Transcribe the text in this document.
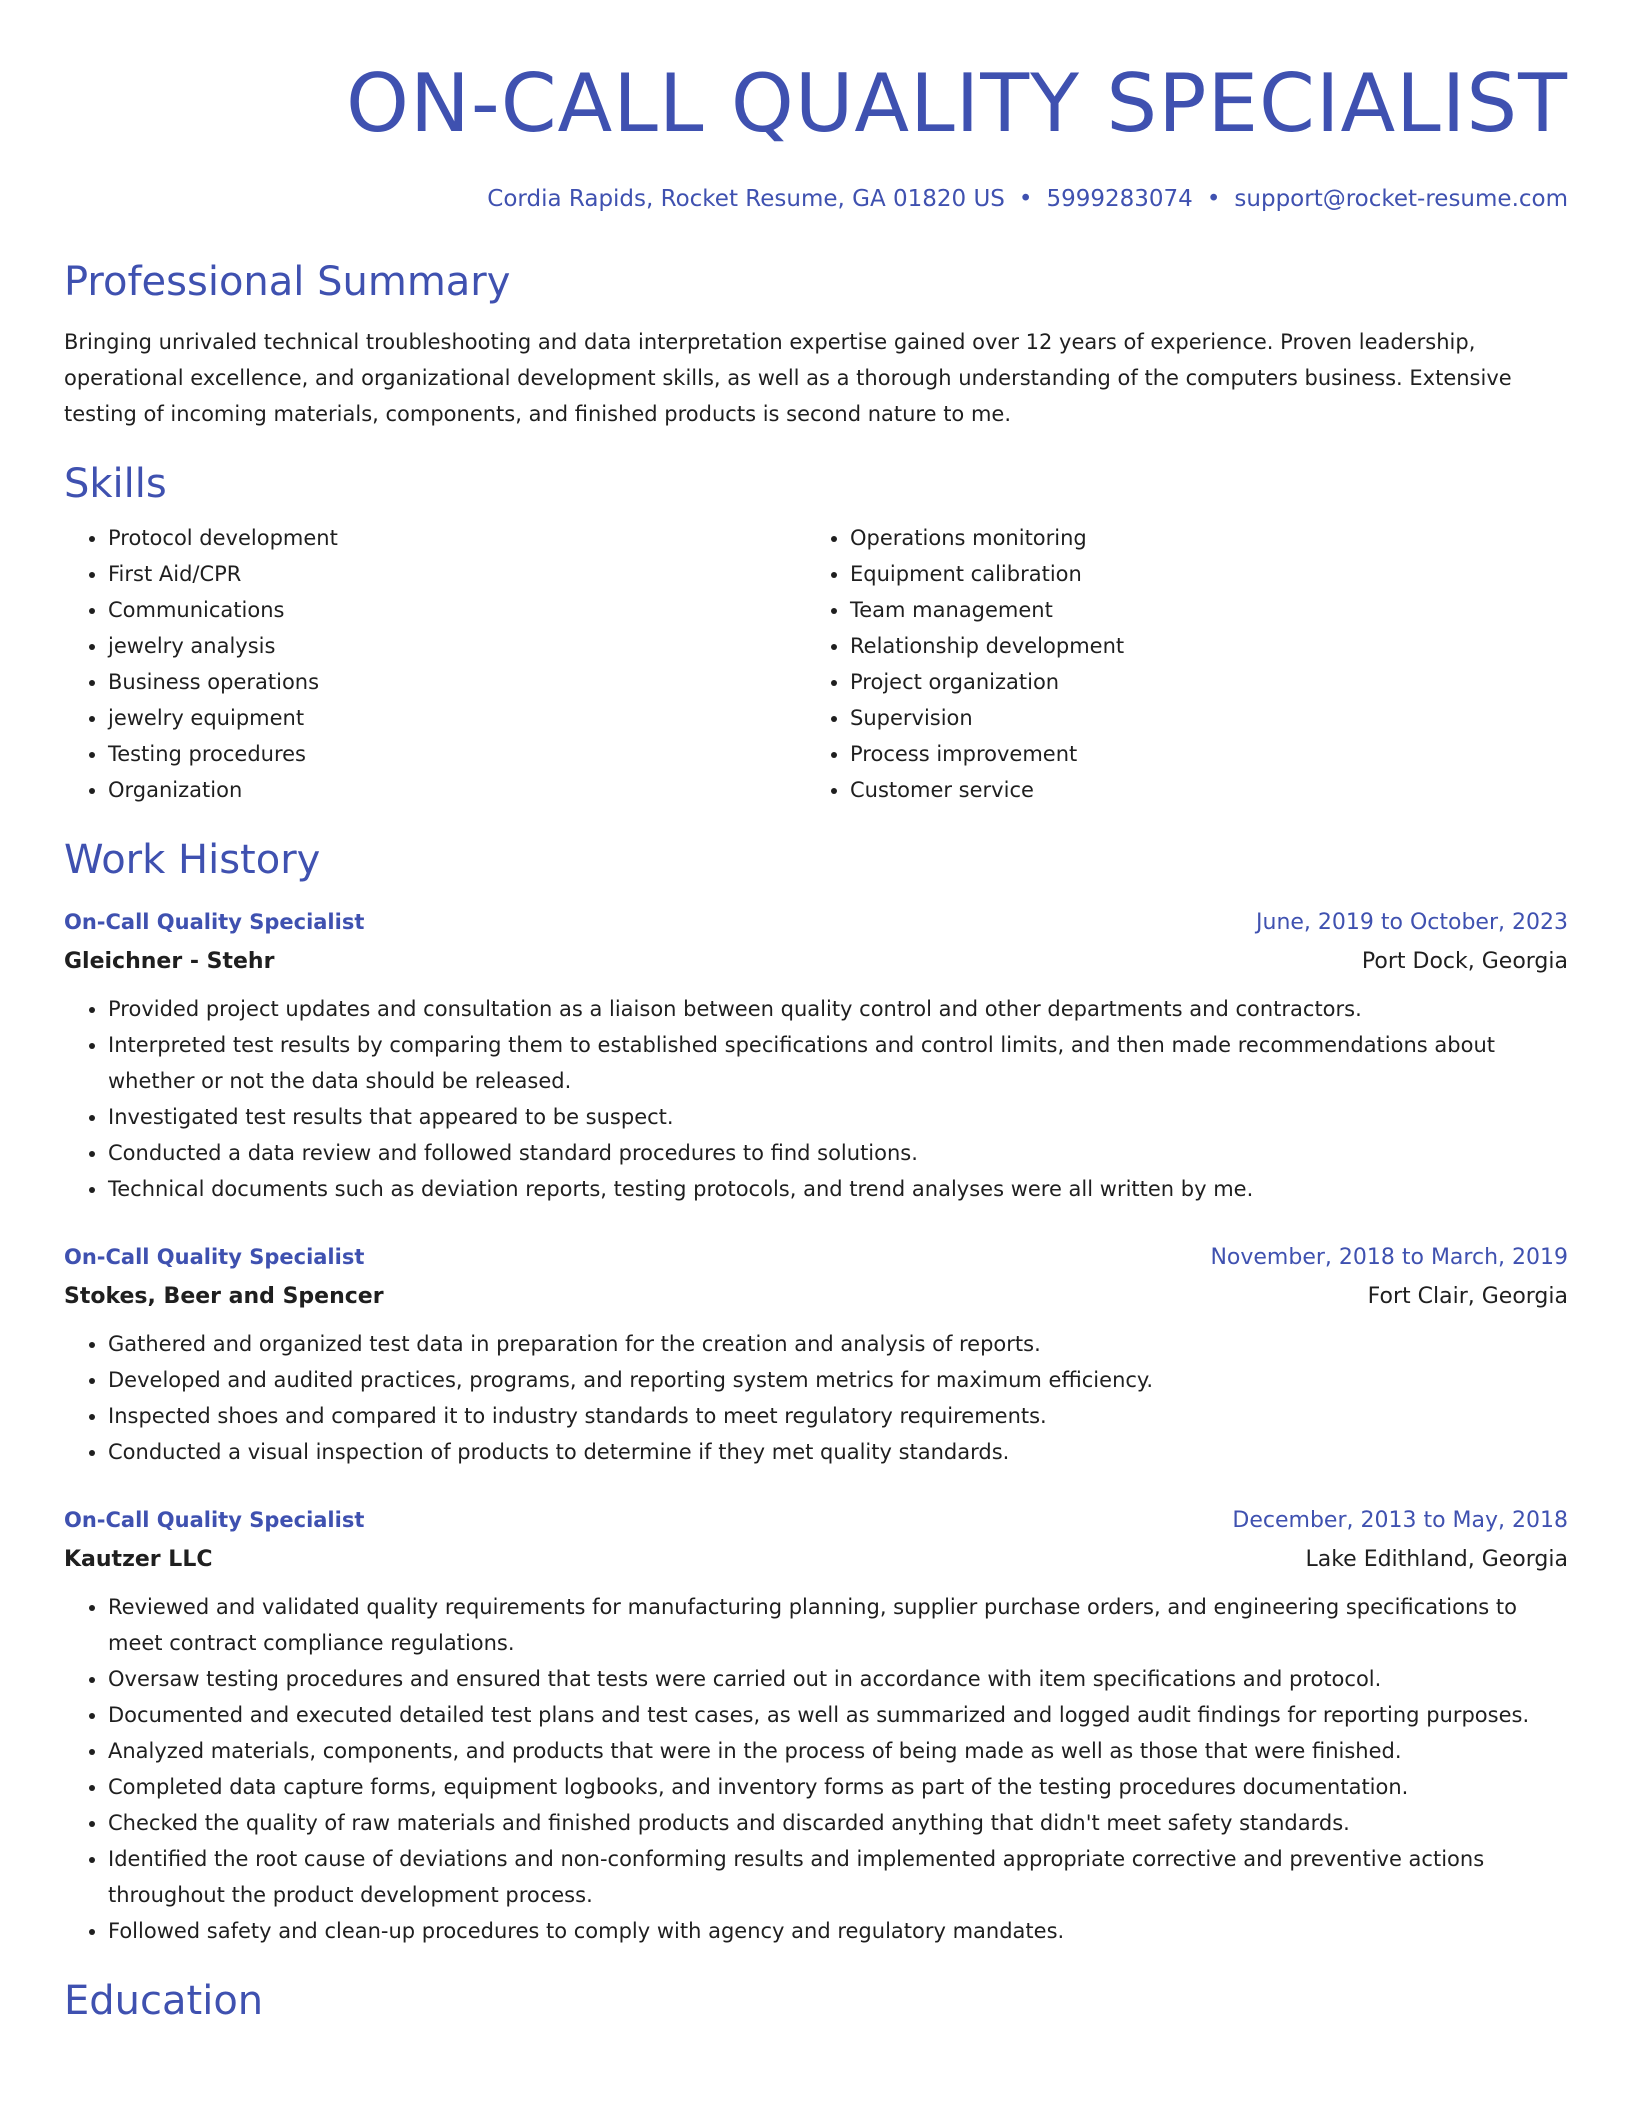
ON-CALL QUALITY SPECIALIST
Cordia Rapids, Rocket Resume, GA 01820 US • 5999283074 • support@rocket-resume.com
Professional Summary

Bringing unrivaled technical troubleshooting and data interpretation expertise gained over 12 years of experience. Proven leadership, operational excellence, and organizational development skills, as well as a thorough understanding of the computers business. Extensive testing of incoming materials, components, and finished products is second nature to me.

Skills
• Protocol development
• First Aid/CPR
• Communications
• jewelry analysis
• Business operations
• jewelry equipment
• Testing procedures
• Organization
• Operations monitoring
• Equipment calibration
• Team management
• Relationship development
• Project organization
• Supervision
• Process improvement
• Customer service
Work History
On-Call Quality Specialist	June, 2019 to October, 2023
Gleichner - Stehr	Port Dock, Georgia
• Provided project updates and consultation as a liaison between quality control and other departments and contractors.
• Interpreted test results by comparing them to established specifications and control limits, and then made recommendations about whether or not the data should be released.
• Investigated test results that appeared to be suspect.
• Conducted a data review and followed standard procedures to find solutions.
• Technical documents such as deviation reports, testing protocols, and trend analyses were all written by me.
On-Call Quality Specialist	November, 2018 to March, 2019
Stokes, Beer and Spencer	Fort Clair, Georgia
• Gathered and organized test data in preparation for the creation and analysis of reports.
• Developed and audited practices, programs, and reporting system metrics for maximum efficiency.
• Inspected shoes and compared it to industry standards to meet regulatory requirements.
• Conducted a visual inspection of products to determine if they met quality standards.
On-Call Quality Specialist	December, 2013 to May, 2018
Kautzer LLC	Lake Edithland, Georgia
• Reviewed and validated quality requirements for manufacturing planning, supplier purchase orders, and engineering specifications to meet contract compliance regulations.
• Oversaw testing procedures and ensured that tests were carried out in accordance with item specifications and protocol.
• Documented and executed detailed test plans and test cases, as well as summarized and logged audit findings for reporting purposes.
• Analyzed materials, components, and products that were in the process of being made as well as those that were finished.
• Completed data capture forms, equipment logbooks, and inventory forms as part of the testing procedures documentation.
• Checked the quality of raw materials and finished products and discarded anything that didn't meet safety standards.
• Identified the root cause of deviations and non-conforming results and implemented appropriate corrective and preventive actions throughout the product development process.
• Followed safety and clean-up procedures to comply with agency and regulatory mandates.
Education
